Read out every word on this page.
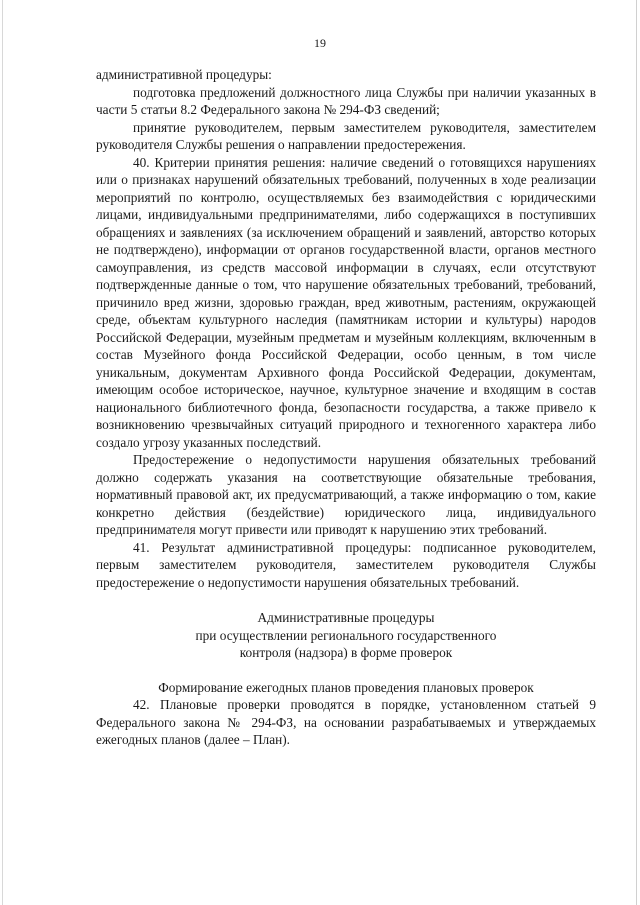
19

административной процедуры:

подготовка предложений должностного лица Службы при наличии указанных в части 5 статьи 8.2 Федерального закона № 294-ФЗ сведений;

принятие руководителем, первым заместителем руководителя, заместителем руководителя Службы решения о направлении предостережения.

40. Критерии принятия решения: наличие сведений о готовящихся нарушениях или о признаках нарушений обязательных требований, полученных в ходе реализации мероприятий по контролю, осуществляемых без взаимодействия с юридическими лицами, индивидуальными предпринимателями, либо содержащихся в поступивших обращениях и заявлениях (за исключением обращений и заявлений, авторство которых не подтверждено), информации от органов государственной власти, органов местного самоуправления, из средств массовой информации в случаях, если отсутствуют подтвержденные данные о том, что нарушение обязательных требований, требований, причинило вред жизни, здоровью граждан, вред животным, растениям, окружающей среде, объектам культурного наследия (памятникам истории и культуры) народов Российской Федерации, музейным предметам и музейным коллекциям, включенным в состав Музейного фонда Российской Федерации, особо ценным, в том числе уникальным, документам Архивного фонда Российской Федерации, документам, имеющим особое историческое, научное, культурное значение и входящим в состав национального библиотечного фонда, безопасности государства, а также привело к возникновению чрезвычайных ситуаций природного и техногенного характера либо создало угрозу указанных последствий.

Предостережение о недопустимости нарушения обязательных требований должно содержать указания на соответствующие обязательные требования, нормативный правовой акт, их предусматривающий, а также информацию о том, какие конкретно действия (бездействие) юридического лица, индивидуального предпринимателя могут привести или приводят к нарушению этих требований.

41. Результат административной процедуры: подписанное руководителем, первым заместителем руководителя, заместителем руководителя Службы предостережение о недопустимости нарушения обязательных требований.

Административные процедуры

при осуществлении регионального государственного

контроля (надзора) в форме проверок

Формирование ежегодных планов проведения плановых проверок

42. Плановые проверки проводятся в порядке, установленном статьей 9 Федерального закона № 294-ФЗ, на основании разрабатываемых и утверждаемых ежегодных планов (далее – План).
